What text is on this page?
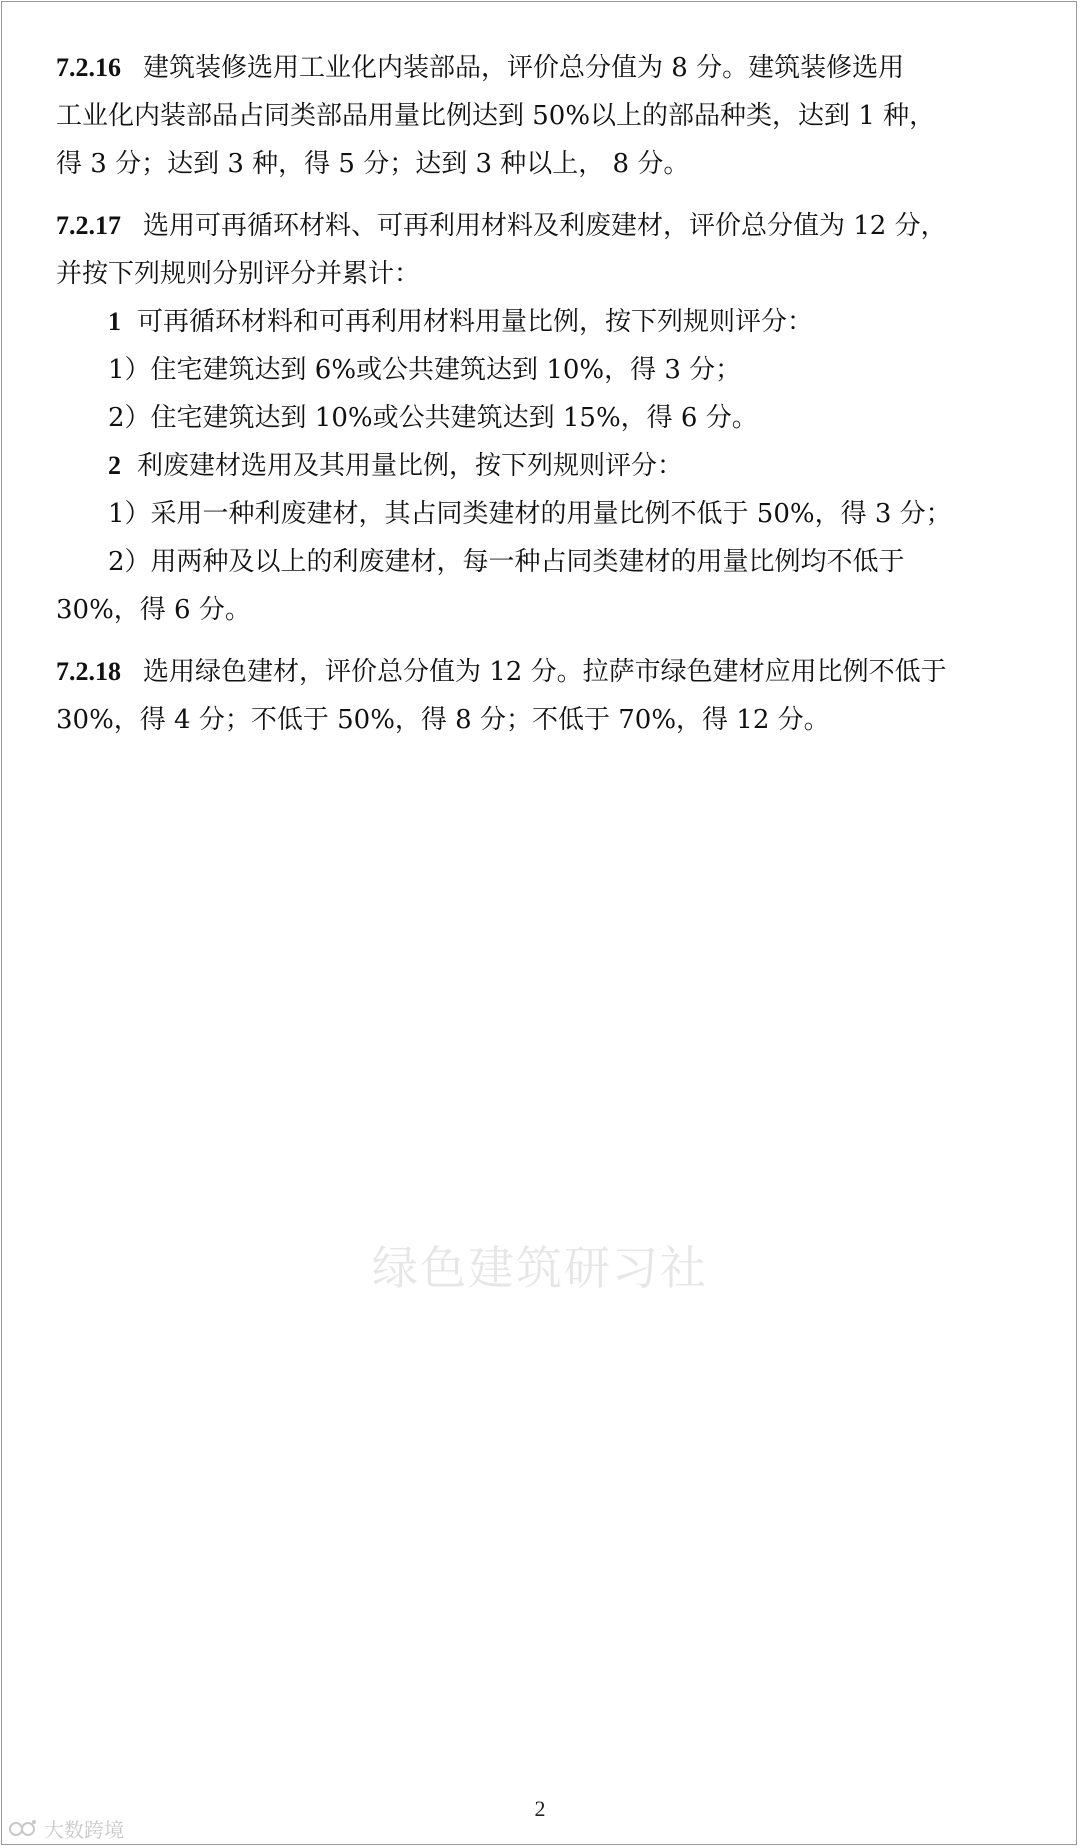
7.2.16 建筑装修选用工业化内装部品，评价总分值为 8 分。建筑装修选用
工业化内装部品占同类部品用量比例达到 50%以上的部品种类，达到 1 种，
得 3 分；达到 3 种，得 5 分；达到 3 种以上， 8 分。
7.2.17 选用可再循环材料、可再利用材料及利废建材，评价总分值为 12 分，
并按下列规则分别评分并累计：
1 可再循环材料和可再利用材料用量比例，按下列规则评分：
1）住宅建筑达到 6%或公共建筑达到 10%，得 3 分；
2）住宅建筑达到 10%或公共建筑达到 15%，得 6 分。
2 利废建材选用及其用量比例，按下列规则评分：
1）采用一种利废建材，其占同类建材的用量比例不低于 50%，得 3 分；
2）用两种及以上的利废建材，每一种占同类建材的用量比例均不低于
30%，得 6 分。
7.2.18 选用绿色建材，评价总分值为 12 分。拉萨市绿色建材应用比例不低于
30%，得 4 分；不低于 50%，得 8 分；不低于 70%，得 12 分。
绿色建筑研习社
2
大数跨境
